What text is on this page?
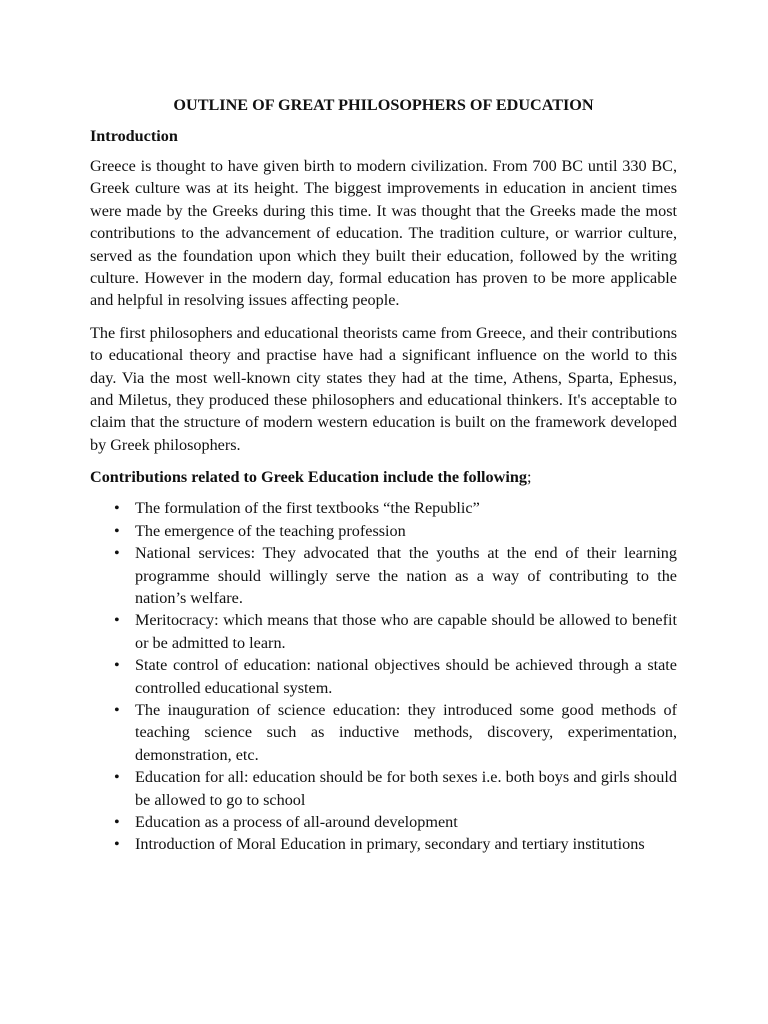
OUTLINE OF GREAT PHILOSOPHERS OF EDUCATION
Introduction

Greece is thought to have given birth to modern civilization. From 700 BC until 330 BC, Greek culture was at its height. The biggest improvements in education in ancient times were made by the Greeks during this time. It was thought that the Greeks made the most contributions to the advancement of education. The tradition culture, or warrior culture, served as the foundation upon which they built their education, followed by the writing culture. However in the modern day, formal education has proven to be more applicable and helpful in resolving issues affecting people.

The first philosophers and educational theorists came from Greece, and their contributions to educational theory and practise have had a significant influence on the world to this day. Via the most well-known city states they had at the time, Athens, Sparta, Ephesus, and Miletus, they produced these philosophers and educational thinkers. It's acceptable to claim that the structure of modern western education is built on the framework developed by Greek philosophers.

Contributions related to Greek Education include the following;
• The formulation of the first textbooks “the Republic”
• The emergence of the teaching profession
• National services: They advocated that the youths at the end of their learning programme should willingly serve the nation as a way of contributing to the nation’s welfare.
• Meritocracy: which means that those who are capable should be allowed to benefit or be admitted to learn.
• State control of education: national objectives should be achieved through a state controlled educational system.
• The inauguration of science education: they introduced some good methods of teaching science such as inductive methods, discovery, experimentation, demonstration, etc.
• Education for all: education should be for both sexes i.e. both boys and girls should be allowed to go to school
• Education as a process of all-around development
• Introduction of Moral Education in primary, secondary and tertiary institutions
